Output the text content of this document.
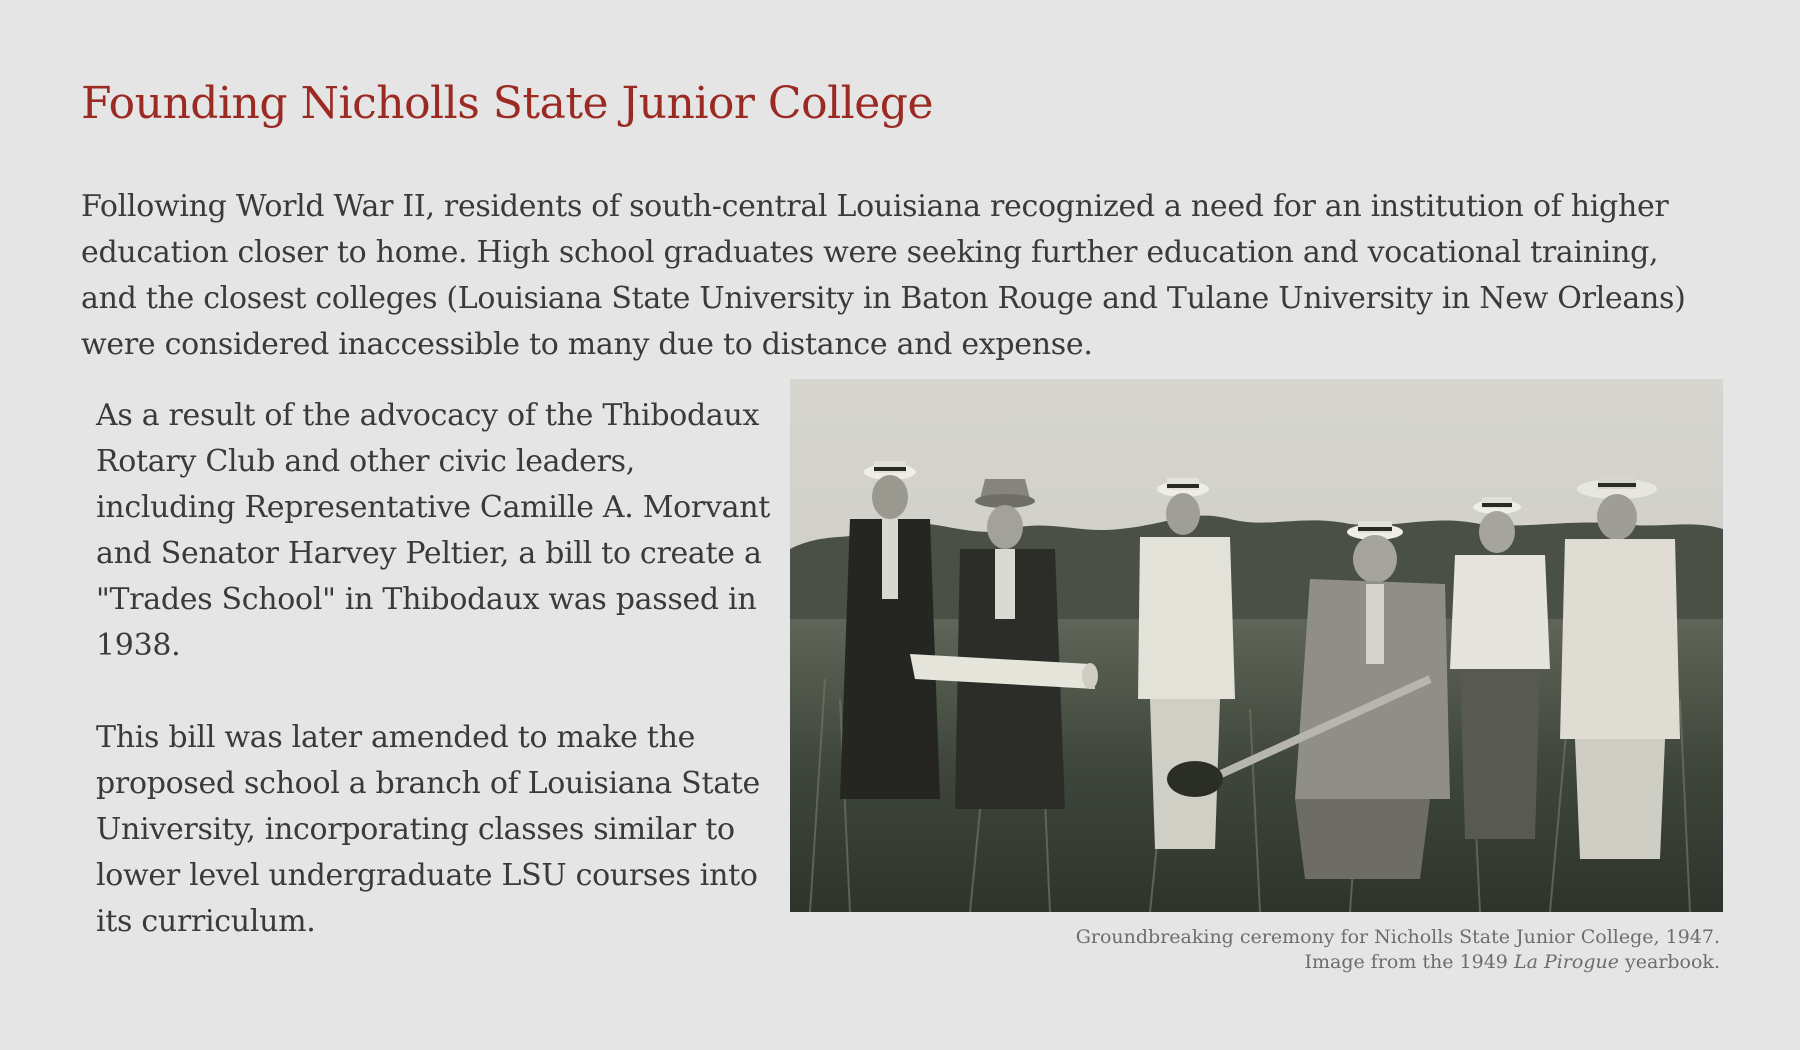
Founding Nicholls State Junior College

Following World War II, residents of south-central Louisiana recognized a need for an institution of higher education closer to home. High school graduates were seeking further education and vocational training, and the closest colleges (Louisiana State University in Baton Rouge and Tulane University in New Orleans) were considered inaccessible to many due to distance and expense.

As a result of the advocacy of the Thibodaux Rotary Club and other civic leaders, including Representative Camille A. Morvant and Senator Harvey Peltier, a bill to create a "Trades School" in Thibodaux was passed in 1938.

This bill was later amended to make the proposed school a branch of Louisiana State University, incorporating classes similar to lower level undergraduate LSU courses into its curriculum.	Groundbreaking ceremony for Nicholls State Junior College, 1947.
Image from the 1949 La Pirogue yearbook.
